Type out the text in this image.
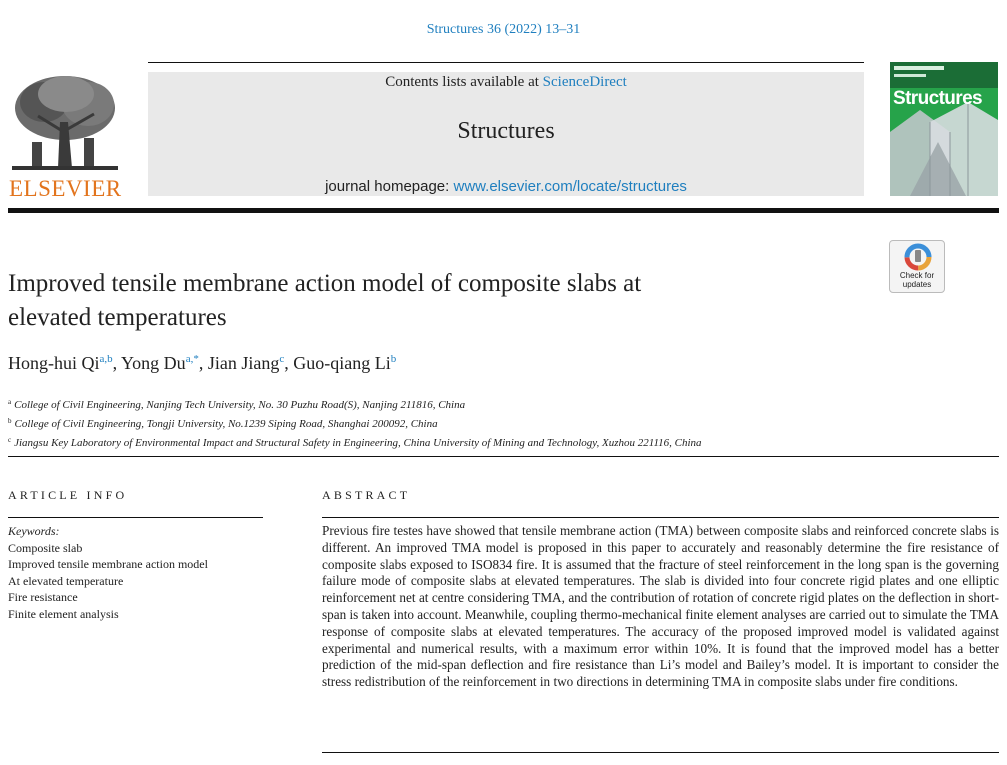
Structures 36 (2022) 13–31
ELSEVIER
Contents lists available at ScienceDirect
Structures
journal homepage: www.elsevier.com/locate/structures
Structures
Check for
updates
Improved tensile membrane action model of composite slabs at
elevated temperatures
Hong-hui Qi$^{a,b}$, Yong $Du^{a,*}$, Jian Jiang$^c$, Guo-qiang Li$^b$
$^a$ College of Civil Engineering, Nanjing Tech University, No. 30 Puzhu Road(S), Nanjing 211816, China
$^b$ College of Civil Engineering, Tongji University, No.1239 Siping Road, Shanghai 200092, China
$^c$ Jiangsu Key Laboratory of Environmental Impact and Structural Safety in Engineering, China University of Mining and Technology, Xuzhou 221116, China
ARTICLE INFO
Keywords:
Composite slab
Improved tensile membrane action model
At elevated temperature
Fire resistance
Finite element analysis
ABSTRACT
Previous fire testes have showed that tensile membrane action (TMA) between composite slabs and reinforced concrete slabs is different. An improved TMA model is proposed in this paper to accurately and reasonably determine the fire resistance of composite slabs exposed to ISO834 fire. It is assumed that the fracture of steel reinforcement in the long span is the governing failure mode of composite slabs at elevated temperatures. The slab is divided into four concrete rigid plates and one elliptic reinforcement net at centre considering TMA, and the contribution of rotation of concrete rigid plates on the deflection in short-span is taken into account. Meanwhile, coupling thermo-mechanical finite element analyses are carried out to simulate the TMA response of composite slabs at elevated temperatures. The accuracy of the proposed improved model is validated against experimental and numerical results, with a maximum error within 10%. It is found that the improved model has a better prediction of the mid-span deflection and fire resistance than Li’s model and Bailey’s model. It is important to consider the stress redistribution of the reinforcement in two directions in determining TMA in composite slabs under fire conditions.
